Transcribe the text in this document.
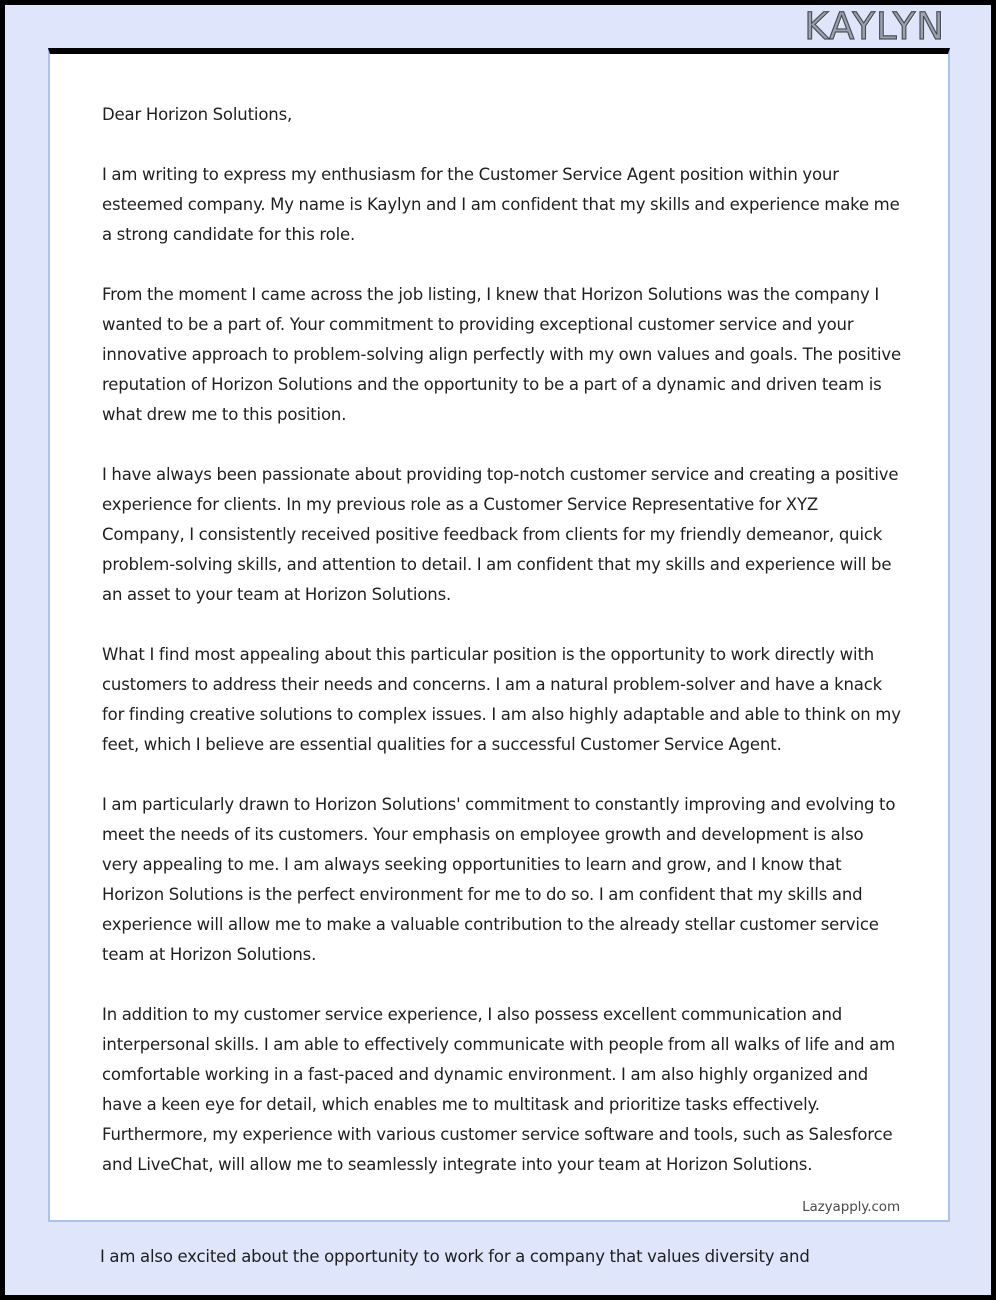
KAYLYN

Dear Horizon Solutions,

I am writing to express my enthusiasm for the Customer Service Agent position within your esteemed company. My name is Kaylyn and I am confident that my skills and experience make me a strong candidate for this role.

From the moment I came across the job listing, I knew that Horizon Solutions was the company I wanted to be a part of. Your commitment to providing exceptional customer service and your innovative approach to problem-solving align perfectly with my own values and goals. The positive reputation of Horizon Solutions and the opportunity to be a part of a dynamic and driven team is what drew me to this position.

I have always been passionate about providing top-notch customer service and creating a positive experience for clients. In my previous role as a Customer Service Representative for XYZ Company, I consistently received positive feedback from clients for my friendly demeanor, quick problem-solving skills, and attention to detail. I am confident that my skills and experience will be an asset to your team at Horizon Solutions.

What I find most appealing about this particular position is the opportunity to work directly with customers to address their needs and concerns. I am a natural problem-solver and have a knack for finding creative solutions to complex issues. I am also highly adaptable and able to think on my feet, which I believe are essential qualities for a successful Customer Service Agent.

I am particularly drawn to Horizon Solutions' commitment to constantly improving and evolving to meet the needs of its customers. Your emphasis on employee growth and development is also very appealing to me. I am always seeking opportunities to learn and grow, and I know that Horizon Solutions is the perfect environment for me to do so. I am confident that my skills and experience will allow me to make a valuable contribution to the already stellar customer service team at Horizon Solutions.

In addition to my customer service experience, I also possess excellent communication and interpersonal skills. I am able to effectively communicate with people from all walks of life and am comfortable working in a fast-paced and dynamic environment. I am also highly organized and have a keen eye for detail, which enables me to multitask and prioritize tasks effectively. Furthermore, my experience with various customer service software and tools, such as Salesforce and LiveChat, will allow me to seamlessly integrate into your team at Horizon Solutions.

Lazyapply.com
I am also excited about the opportunity to work for a company that values diversity and
